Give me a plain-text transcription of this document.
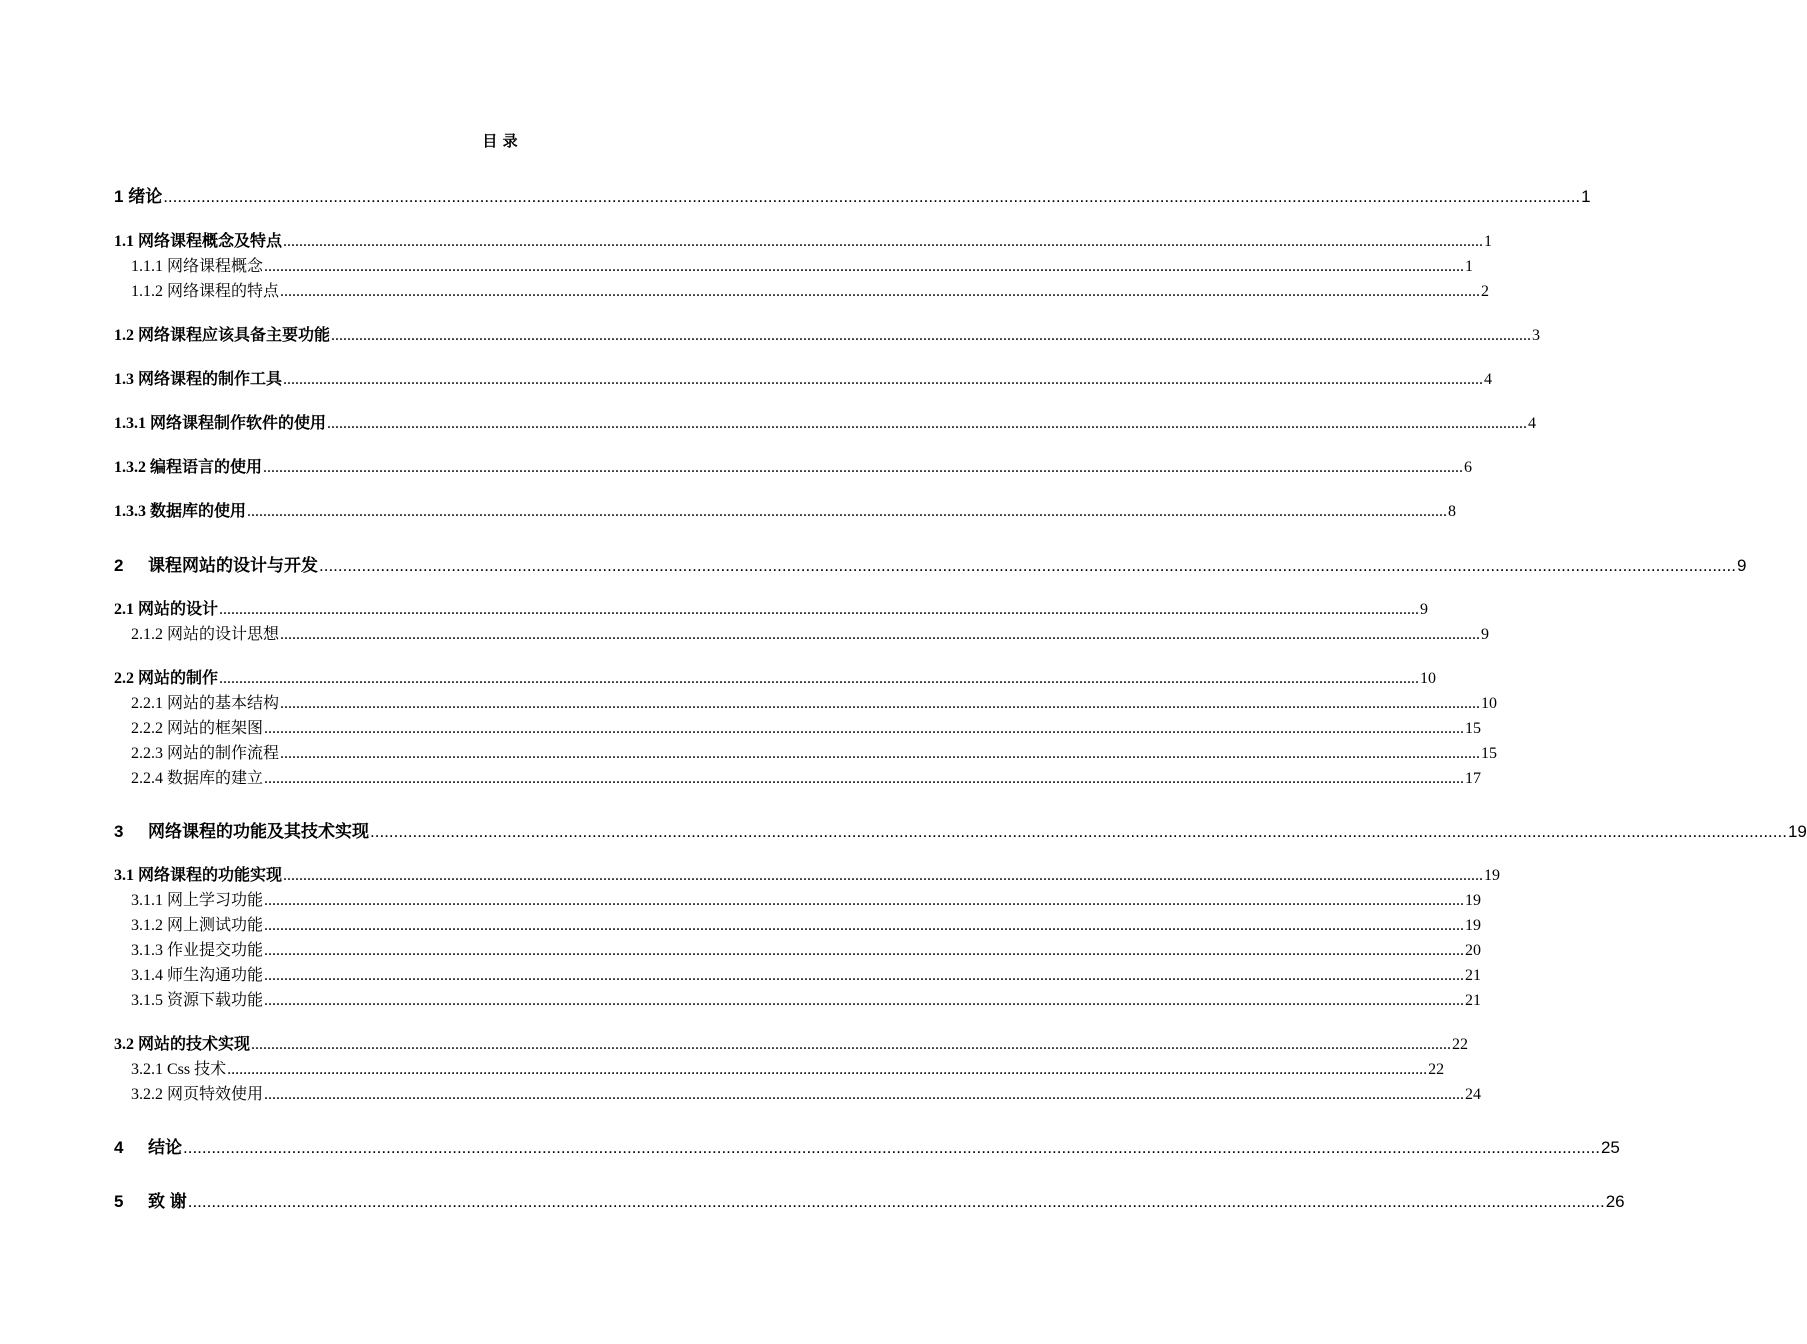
目 录
1 绪论 ............................................................................................................................................................................................................................................................................................................ 1
1.1 网络课程概念及特点 ............................................................................................................................................................................................................................................................................................................ 1
1.1.1 网络课程概念 ............................................................................................................................................................................................................................................................................................................ 1
1.1.2 网络课程的特点 ............................................................................................................................................................................................................................................................................................................ 2
1.2 网络课程应该具备主要功能 ............................................................................................................................................................................................................................................................................................................ 3
1.3 网络课程的制作工具 ............................................................................................................................................................................................................................................................................................................ 4
1.3.1 网络课程制作软件的使用 ............................................................................................................................................................................................................................................................................................................ 4
1.3.2 编程语言的使用 ............................................................................................................................................................................................................................................................................................................ 6
1.3.3 数据库的使用 ............................................................................................................................................................................................................................................................................................................ 8
2 课程网站的设计与开发 ............................................................................................................................................................................................................................................................................................................ 9
2.1 网站的设计 ............................................................................................................................................................................................................................................................................................................ 9
2.1.2 网站的设计思想 ............................................................................................................................................................................................................................................................................................................ 9
2.2 网站的制作 ............................................................................................................................................................................................................................................................................................................ 10
2.2.1 网站的基本结构 ............................................................................................................................................................................................................................................................................................................ 10
2.2.2 网站的框架图 ............................................................................................................................................................................................................................................................................................................ 15
2.2.3 网站的制作流程 ............................................................................................................................................................................................................................................................................................................ 15
2.2.4 数据库的建立 ............................................................................................................................................................................................................................................................................................................ 17
3 网络课程的功能及其技术实现 ............................................................................................................................................................................................................................................................................................................ 19
3.1 网络课程的功能实现 ............................................................................................................................................................................................................................................................................................................ 19
3.1.1 网上学习功能 ............................................................................................................................................................................................................................................................................................................ 19
3.1.2 网上测试功能 ............................................................................................................................................................................................................................................................................................................ 19
3.1.3 作业提交功能 ............................................................................................................................................................................................................................................................................................................ 20
3.1.4 师生沟通功能 ............................................................................................................................................................................................................................................................................................................ 21
3.1.5 资源下载功能 ............................................................................................................................................................................................................................................................................................................ 21
3.2 网站的技术实现 ............................................................................................................................................................................................................................................................................................................ 22
3.2.1 Css 技术 ............................................................................................................................................................................................................................................................................................................ 22
3.2.2 网页特效使用 ............................................................................................................................................................................................................................................................................................................ 24
4 结论 ............................................................................................................................................................................................................................................................................................................ 25
5 致 谢 ............................................................................................................................................................................................................................................................................................................ 26
